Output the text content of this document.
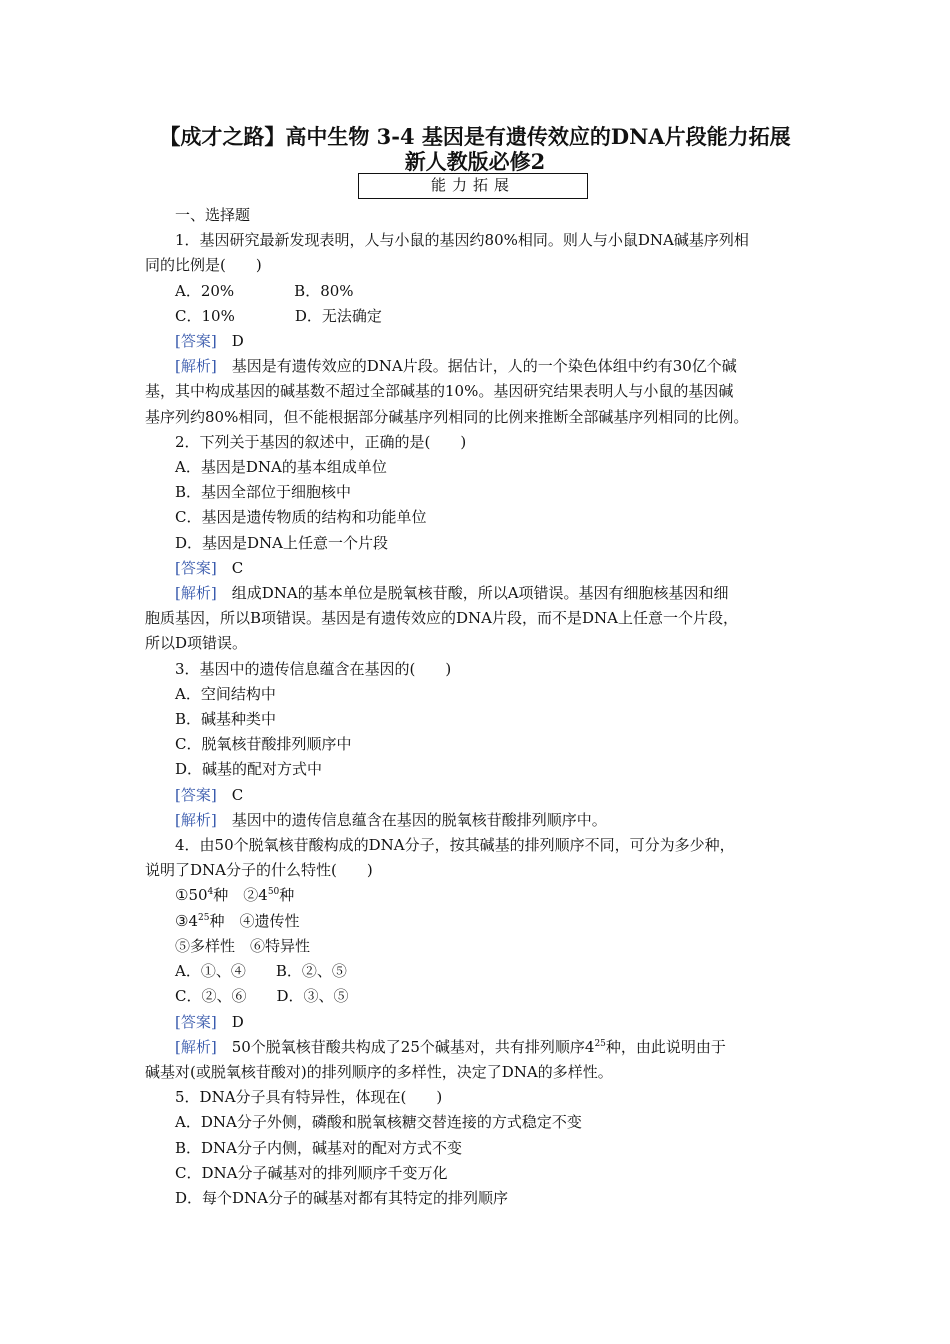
【成才之路】高中生物 3-4 基因是有遗传效应的DNA片段能力拓展
新人教版必修2
能力拓展

一、选择题

1．基因研究最新发现表明，人与小鼠的基因约80%相同。则人与小鼠DNA碱基序列相

同的比例是(　　)

A．20%　　　　B．80%

C．10%　　　　D．无法确定

[答案]　D

[解析]　基因是有遗传效应的DNA片段。据估计，人的一个染色体组中约有30亿个碱

基，其中构成基因的碱基数不超过全部碱基的10%。基因研究结果表明人与小鼠的基因碱

基序列约80%相同，但不能根据部分碱基序列相同的比例来推断全部碱基序列相同的比例。

2．下列关于基因的叙述中，正确的是(　　)

A．基因是DNA的基本组成单位

B．基因全部位于细胞核中

C．基因是遗传物质的结构和功能单位

D．基因是DNA上任意一个片段

[答案]　C

[解析]　组成DNA的基本单位是脱氧核苷酸，所以A项错误。基因有细胞核基因和细

胞质基因，所以B项错误。基因是有遗传效应的DNA片段，而不是DNA上任意一个片段，

所以D项错误。

3．基因中的遗传信息蕴含在基因的(　　)

A．空间结构中

B．碱基种类中

C．脱氧核苷酸排列顺序中

D．碱基的配对方式中

[答案]　C

[解析]　基因中的遗传信息蕴含在基因的脱氧核苷酸排列顺序中。

4．由50个脱氧核苷酸构成的DNA分子，按其碱基的排列顺序不同，可分为多少种，

说明了DNA分子的什么特性(　　)

$①50^4$种　$②4^{50}$种

$③4^{25}$种　④遗传性

⑤多样性　⑥特异性

A．①、④　　B．②、⑤

C．②、⑥　　D．③、⑤

[答案]　D

[解析]　50个脱氧核苷酸共构成了25个碱基对，共有排列顺序$4^{25}$种，由此说明由于

碱基对(或脱氧核苷酸对)的排列顺序的多样性，决定了DNA的多样性。

5．DNA分子具有特异性，体现在(　　)

A．DNA分子外侧，磷酸和脱氧核糖交替连接的方式稳定不变

B．DNA分子内侧，碱基对的配对方式不变

C．DNA分子碱基对的排列顺序千变万化

D．每个DNA分子的碱基对都有其特定的排列顺序
